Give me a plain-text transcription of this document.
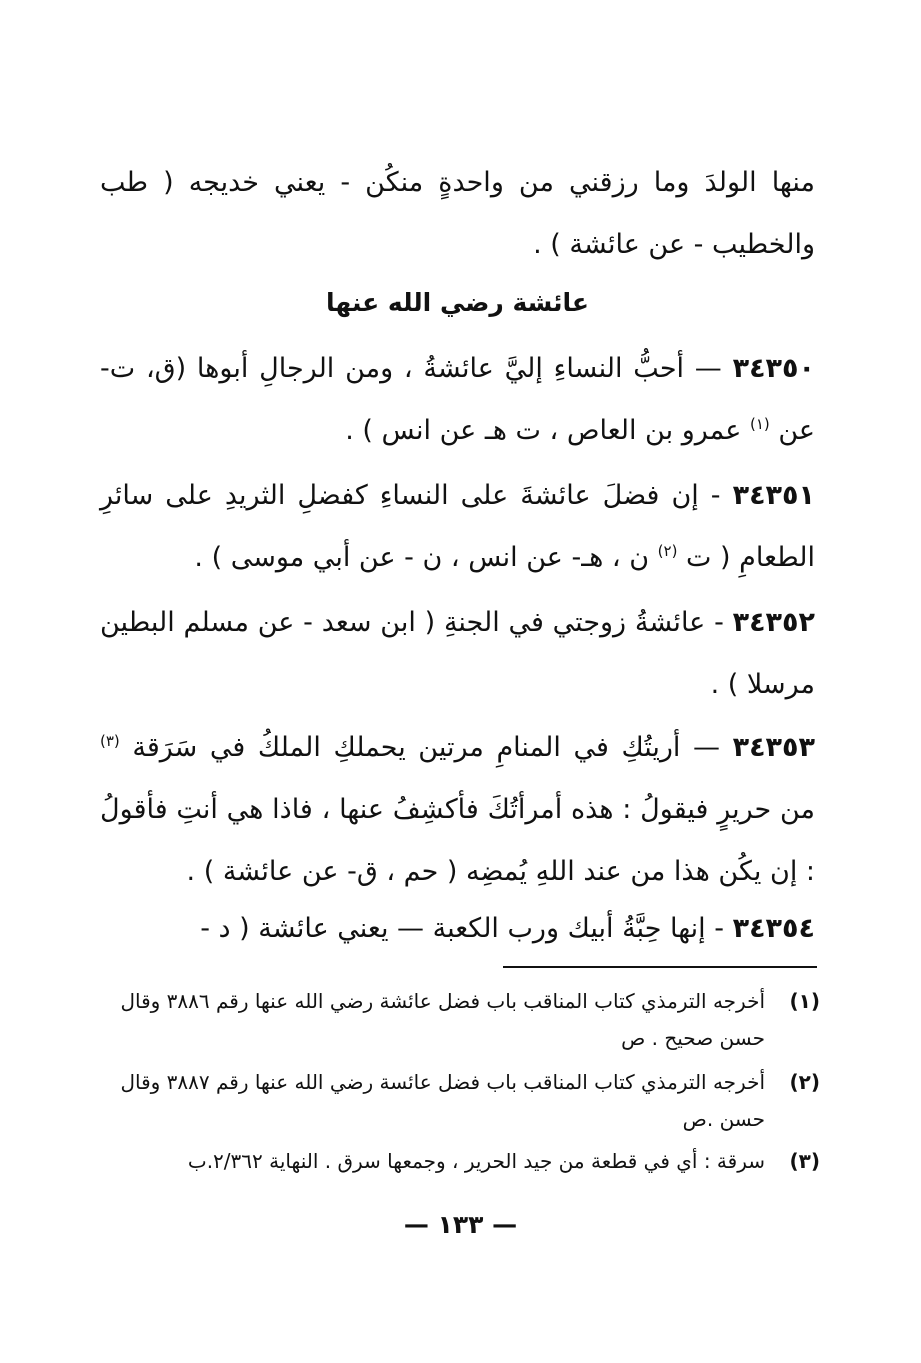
منها الولدَ وما رزقني من واحدةٍ منكُن - يعني خديجه ( طب والخطيب - عن عائشة ) .

عائشة رضي الله عنها

٣٤٣٥٠ — أحبُّ النساءِ إليَّ عائشةُ ، ومن الرجالِ أبوها (ق، ت- عن $^{(١)}$ عمرو بن العاص ، ت هـ عن انس ) .

٣٤٣٥١ - إن فضلَ عائشةَ على النساءِ كفضلِ الثريدِ على سائرِ الطعامِ ( ت $^{(٢)}$ ن ، هـ- عن انس ، ن - عن أبي موسى ) .

٣٤٣٥٢ - عائشةُ زوجتي في الجنةِ ( ابن سعد - عن مسلم البطين مرسلا ) .

٣٤٣٥٣ — أريتُكِ في المنامِ مرتين يحملكِ الملكُ في سَرَقة $^{(٣)}$ من حريرٍ فيقولُ : هذه أمرأتُكَ فأكشِفُ عنها ، فاذا هي أنتِ فأقولُ : إن يكُن هذا من عند اللهِ يُمضِه ( حم ، ق- عن عائشة ) .

٣٤٣٥٤ - إنها حِبَّةُ أبيك ورب الكعبة — يعني عائشة ( د -

(١)
أخرجه الترمذي كتاب المناقب باب فضل عائشة رضي الله عنها رقم ٣٨٨٦ وقال حسن صحيح . ص
(٢)
أخرجه الترمذي كتاب المناقب باب فضل عائسة رضي الله عنها رقم ٣٨٨٧ وقال حسن .ص
(٣)
سرقة : أي في قطعة من جيد الحرير ، وجمعها سرق . النهاية ٢/٣٦٢.ب
— ١٣٣ —
